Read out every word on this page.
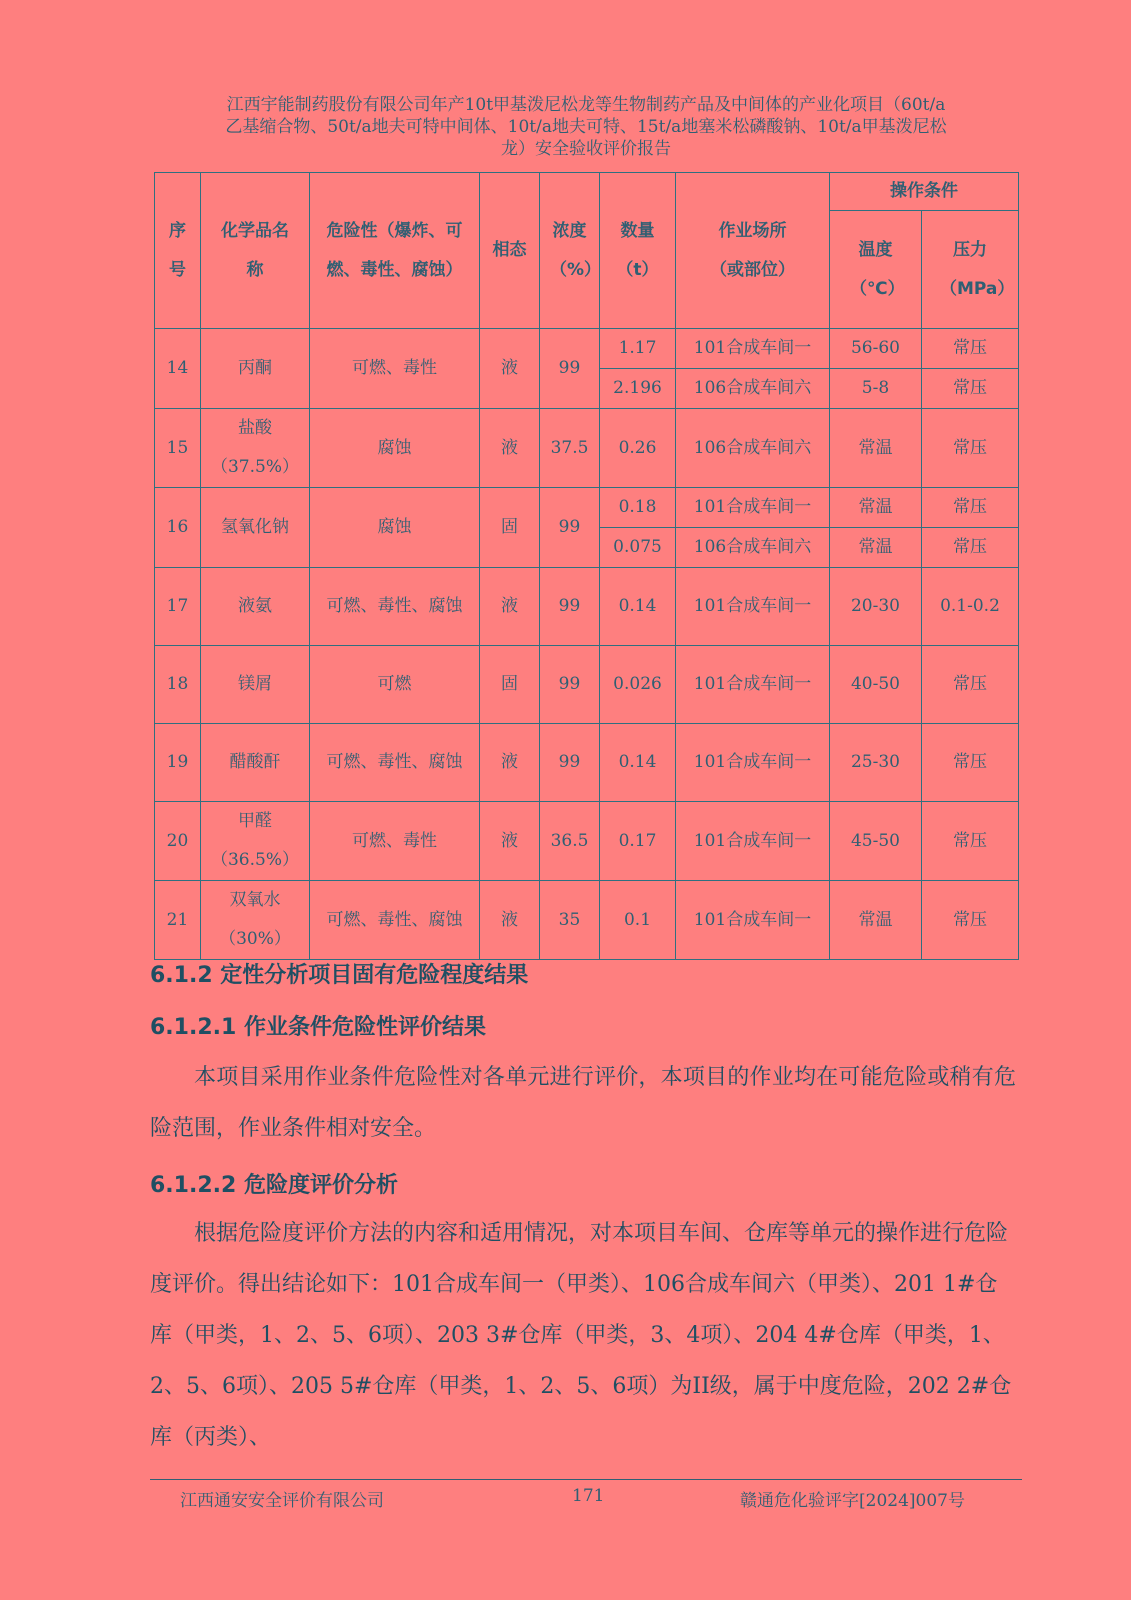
江西宇能制药股份有限公司年产10t甲基泼尼松龙等生物制药产品及中间体的产业化项目（60t/a
乙基缩合物、50t/a地夫可特中间体、10t/a地夫可特、15t/a地塞米松磷酸钠、10t/a甲基泼尼松
龙）安全验收评价报告
序号	化学品名称	危险性（爆炸、可燃、毒性、腐蚀）	相态	浓度（%）	数量（t）	作业场所（或部位）	操作条件	
							温度（℃）	压力（MPa）
14	丙酮	可燃、毒性	液	99	1.17	101合成车间一	56-60	常压
					2.196	106合成车间六	5-8	常压
15	盐酸（37.5%）	腐蚀	液	37.5	0.26	106合成车间六	常温	常压
16	氢氧化钠	腐蚀	固	99	0.18	101合成车间一	常温	常压
					0.075	106合成车间六	常温	常压
17	液氨	可燃、毒性、腐蚀	液	99	0.14	101合成车间一	20-30	0.1-0.2
18	镁屑	可燃	固	99	0.026	101合成车间一	40-50	常压
19	醋酸酐	可燃、毒性、腐蚀	液	99	0.14	101合成车间一	25-30	常压
20	甲醛（36.5%）	可燃、毒性	液	36.5	0.17	101合成车间一	45-50	常压
21	双氧水（30%）	可燃、毒性、腐蚀	液	35	0.1	101合成车间一	常温	常压
6.1.2 定性分析项目固有危险程度结果
6.1.2.1 作业条件危险性评价结果
本项目采用作业条件危险性对各单元进行评价，本项目的作业均在可能危险或稍有危险范围，作业条件相对安全。
6.1.2.2 危险度评价分析
根据危险度评价方法的内容和适用情况，对本项目车间、仓库等单元的操作进行危险度评价。得出结论如下：101合成车间一（甲类）、106合成车间六（甲类）、201 1#仓库（甲类，1、2、5、6项）、203 3#仓库（甲类，3、4项）、204 4#仓库（甲类，1、2、5、6项）、205 5#仓库（甲类，1、2、5、6项）为II级，属于中度危险，202 2#仓库（丙类）、
江西通安安全评价有限公司	171	赣通危化验评字[2024]007号
